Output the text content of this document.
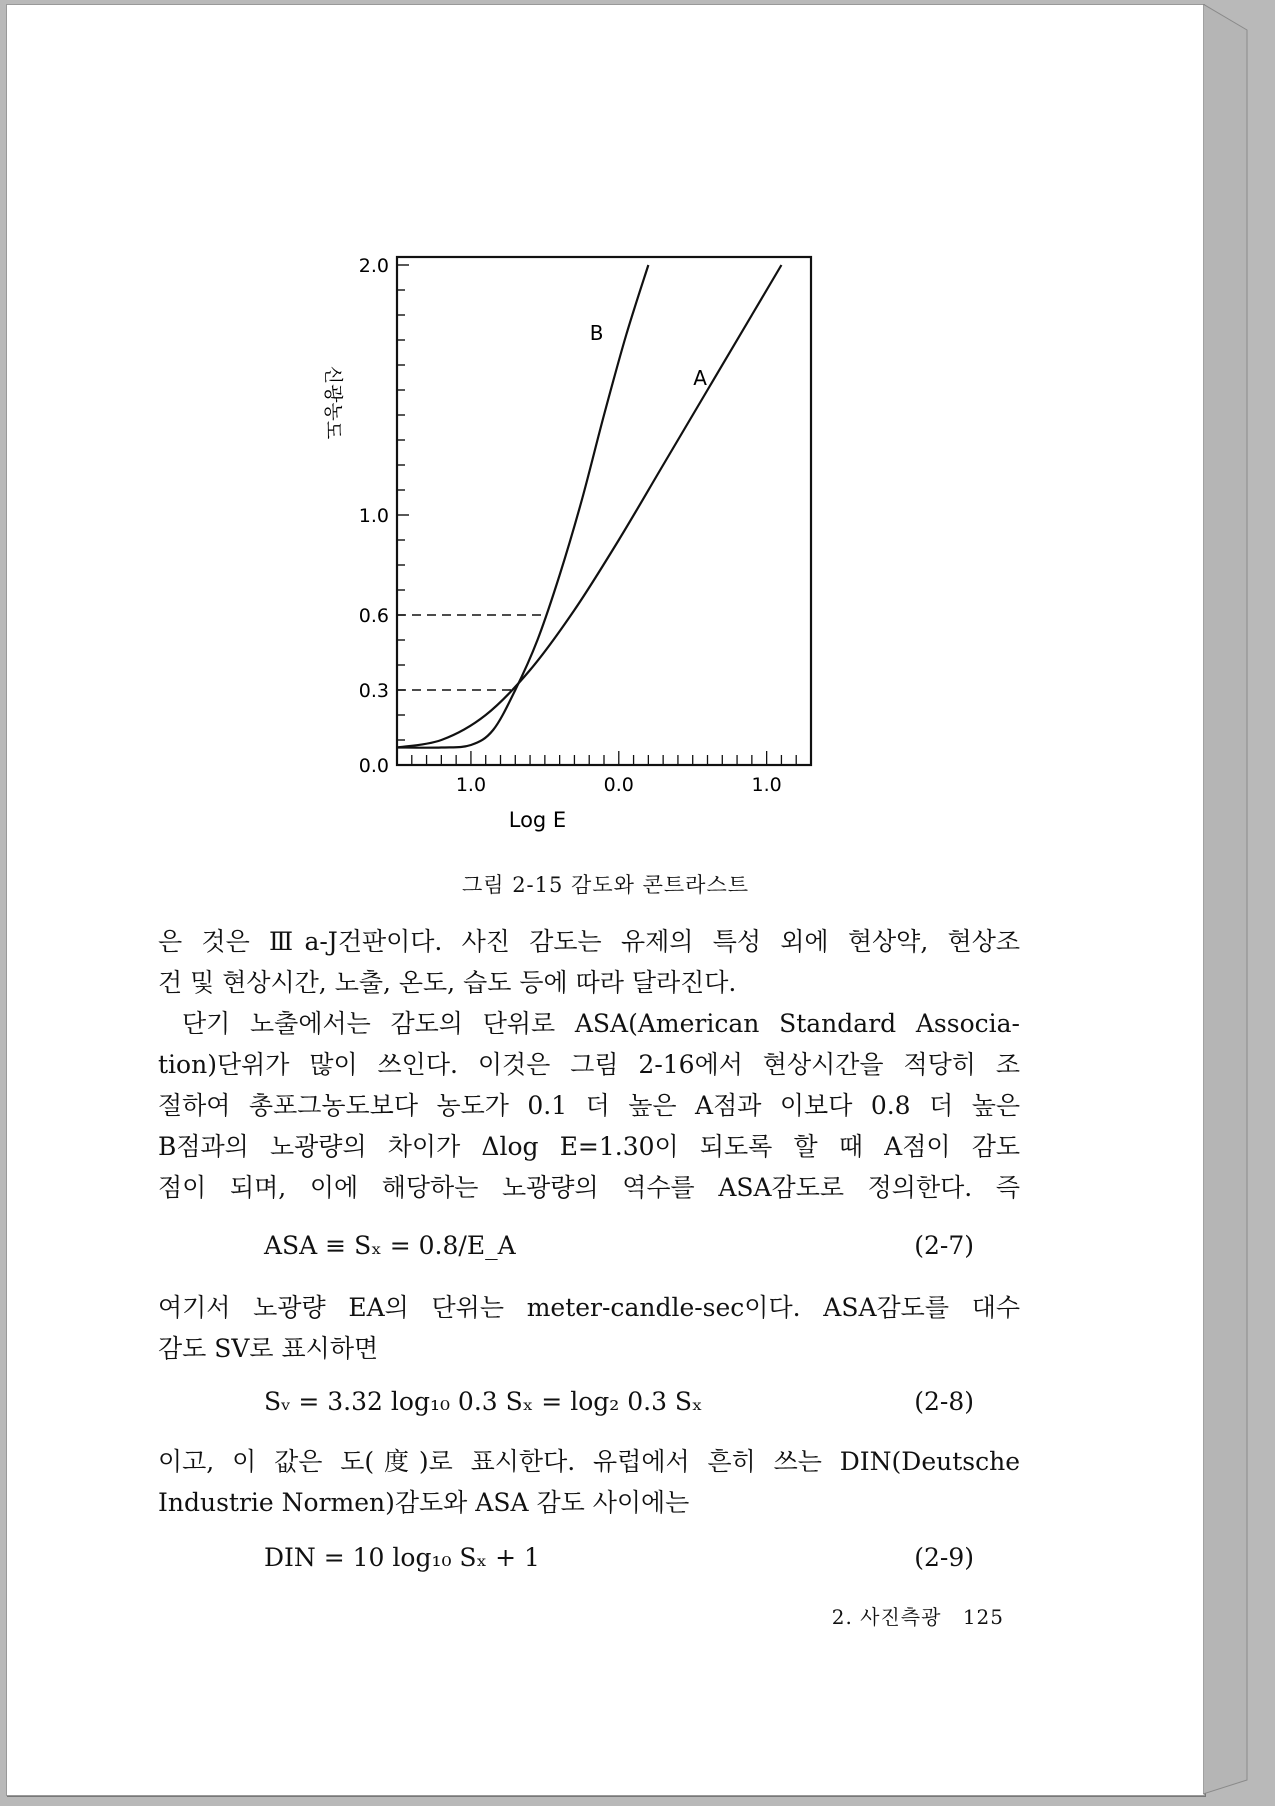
2.0
1.0
0.6
0.3
0.0
1.0	0.0	1.0
B
A
Log E
신광농도
그림 2-15 감도와 콘트라스트
은 것은 Ⅲa-J건판이다. 사진 감도는 유제의 특성 외에 현상약, 현상조
건 및 현상시간, 노출, 온도, 습도 등에 따라 달라진다.
단기 노출에서는 감도의 단위로 ASA(American Standard Associa-
tion)단위가 많이 쓰인다. 이것은 그림 2-16에서 현상시간을 적당히 조
절하여 총포그농도보다 농도가 0.1 더 높은 A점과 이보다 0.8 더 높은
B점과의 노광량의 차이가 Δlog E=1.30이 되도록 할 때 A점이 감도
점이 되며, 이에 해당하는 노광량의 역수를 ASA감도로 정의한다. 즉
ASA ≡ Sₓ = 0.8/E_A	(2-7)
여기서 노광량 EA의 단위는 meter-candle-sec이다. ASA감도를 대수
감도 SV로 표시하면
Sᵥ = 3.32 log₁₀ 0.3 Sₓ = log₂ 0.3 Sₓ	(2-8)
이고, 이 값은 도(度)로 표시한다. 유럽에서 흔히 쓰는 DIN(Deutsche
Industrie Normen)감도와 ASA 감도 사이에는
DIN = 10 log₁₀ Sₓ + 1	(2-9)
2. 사진측광 125
